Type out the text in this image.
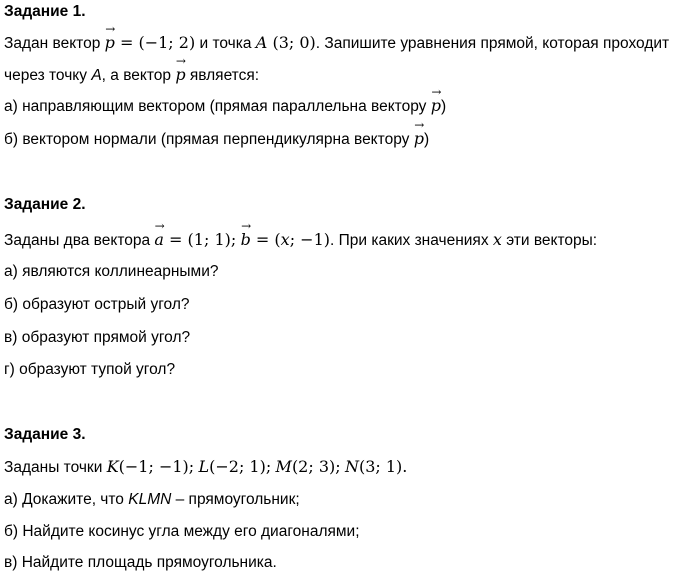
Задание 1.
Задан вектор → p = (−1; 2) и точка A (3; 0). Запишите уравнения прямой, которая проходит
через точку A, а вектор → p является:
а) направляющим вектором (прямая параллельна вектору → p)
б) вектором нормали (прямая перпендикулярна вектору → p)
Задание 2.
Заданы два вектора → a = (1; 1); → b = (x; −1). При каких значениях x эти векторы:
а) являются коллинеарными?
б) образуют острый угол?
в) образуют прямой угол?
г) образуют тупой угол?
Задание 3.
Заданы точки K(−1; −1); L(−2; 1); M(2; 3); N(3; 1).
а) Докажите, что KLMN – прямоугольник;
б) Найдите косинус угла между его диагоналями;
в) Найдите площадь прямоугольника.
